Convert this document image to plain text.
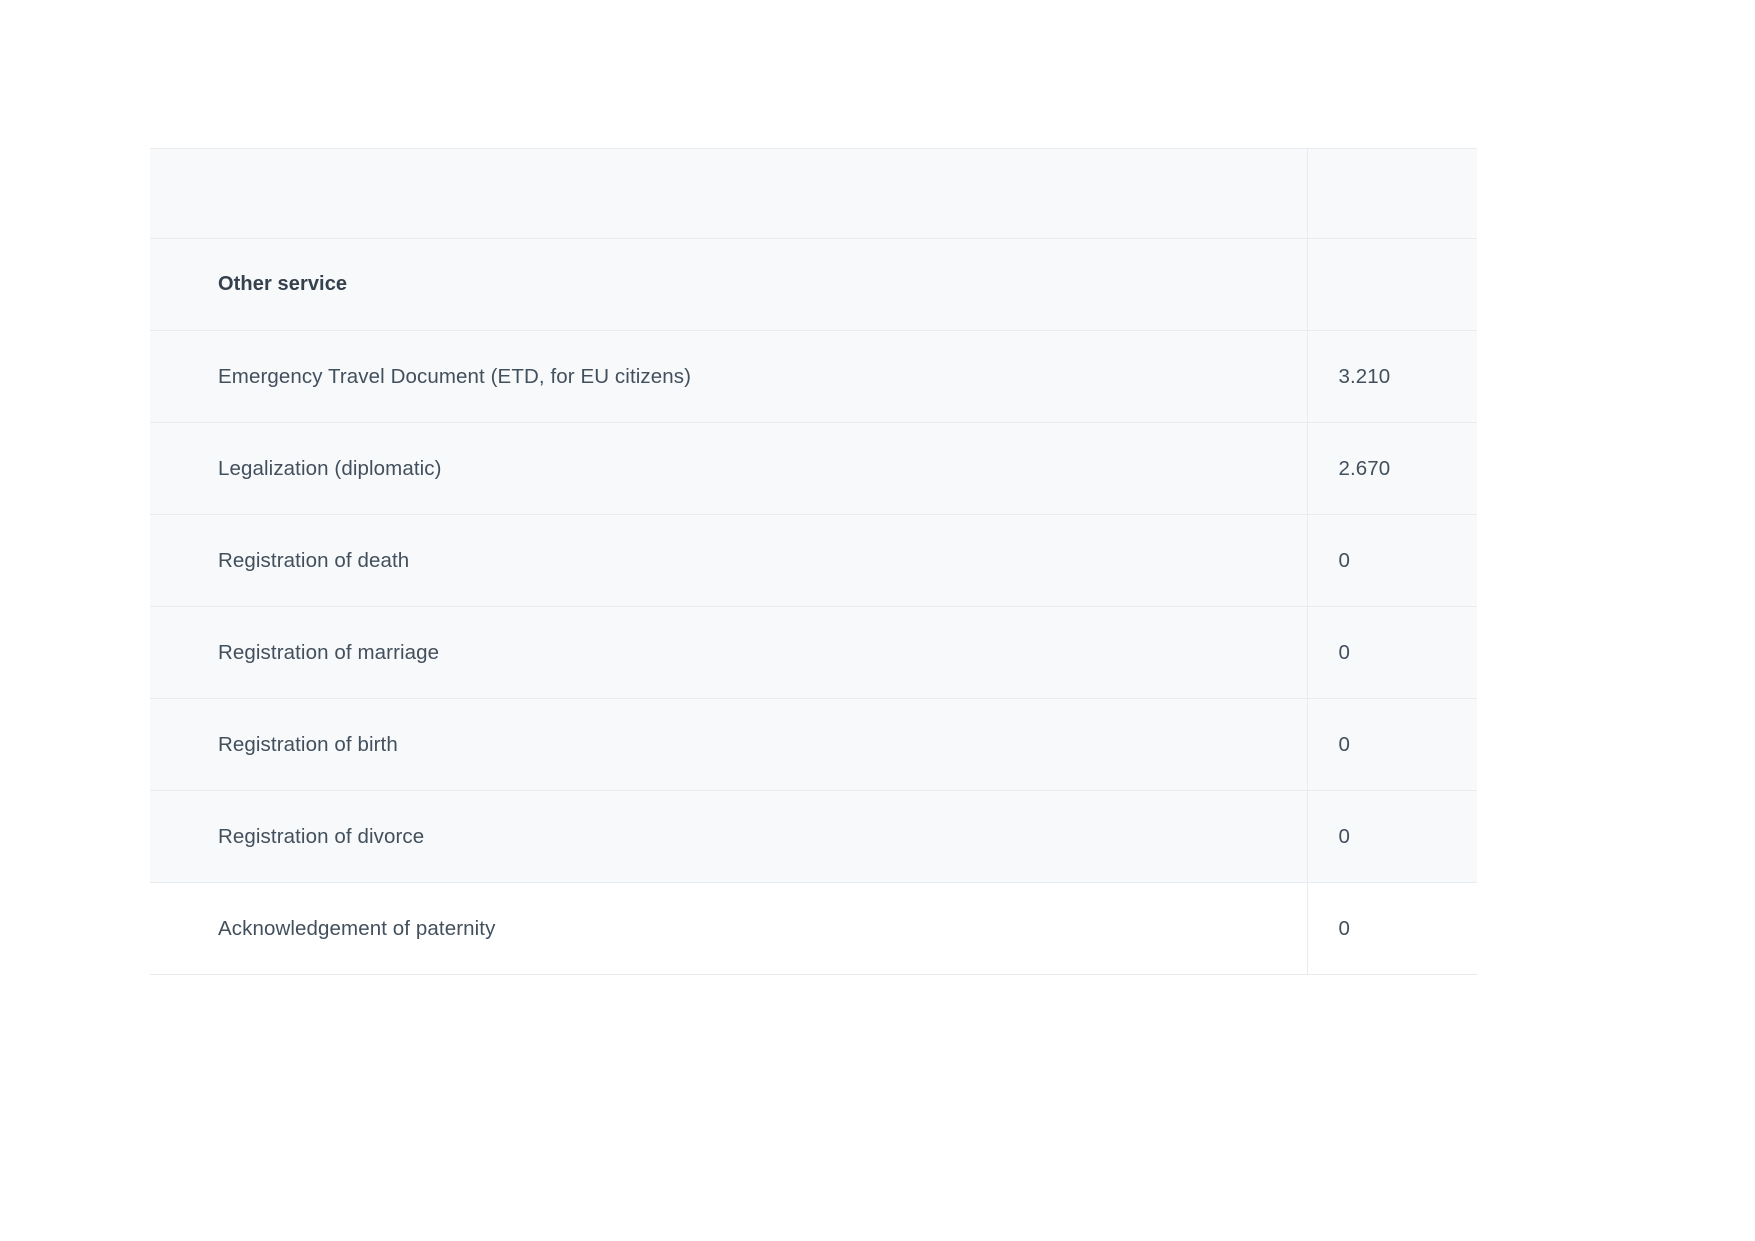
Other service	

Emergency Travel Document (ETD, for EU citizens)	3.210

Legalization (diplomatic)	2.670

Registration of death	0

Registration of marriage	0

Registration of birth	0

Registration of divorce	0

Acknowledgement of paternity	0
